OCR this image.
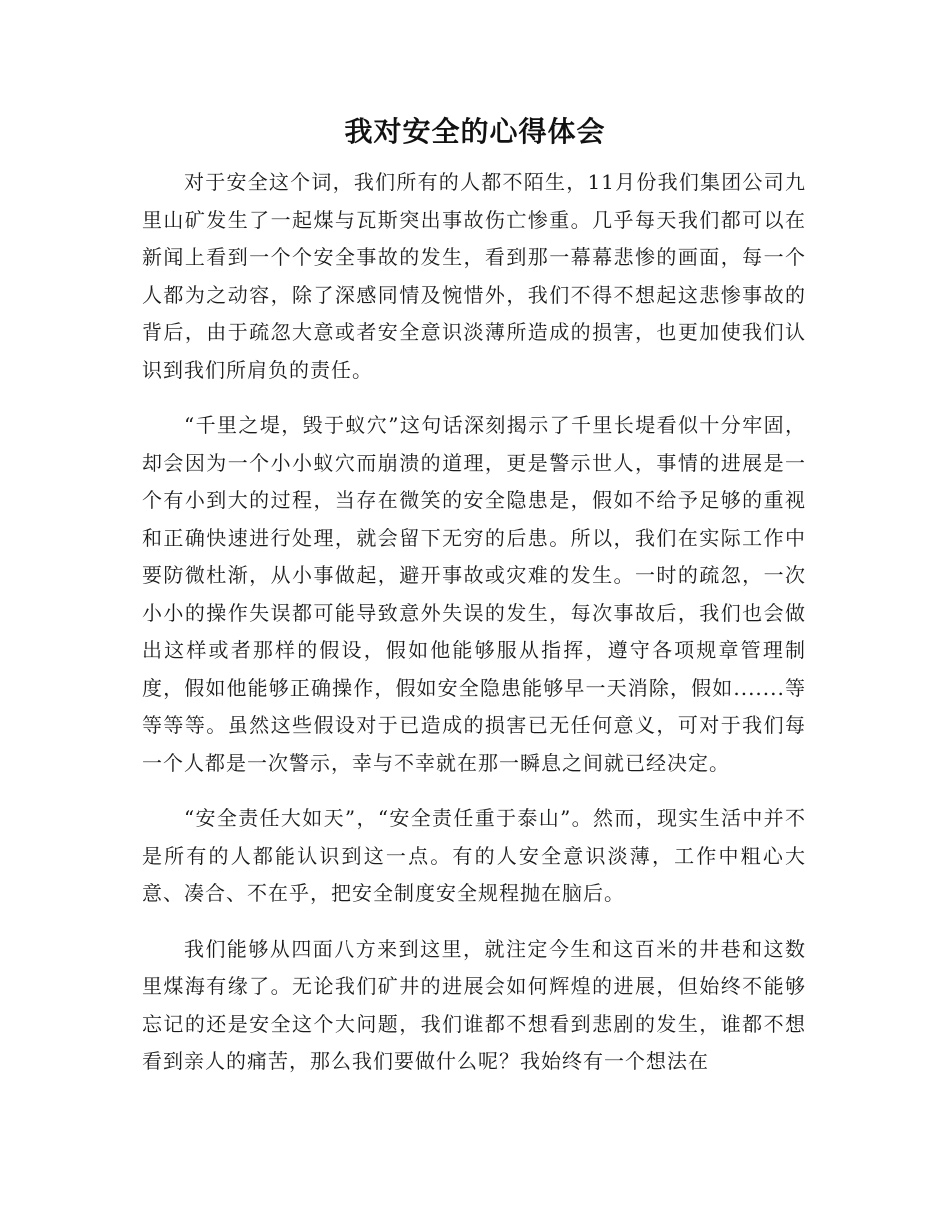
我对安全的心得体会

对于安全这个词，我们所有的人都不陌生，11月份我们集团公司九里山矿发生了一起煤与瓦斯突出事故伤亡惨重。几乎每天我们都可以在新闻上看到一个个安全事故的发生，看到那一幕幕悲惨的画面，每一个人都为之动容，除了深感同情及惋惜外，我们不得不想起这悲惨事故的背后，由于疏忽大意或者安全意识淡薄所造成的损害，也更加使我们认识到我们所肩负的责任。

“千里之堤，毁于蚁穴”这句话深刻揭示了千里长堤看似十分牢固，却会因为一个小小蚁穴而崩溃的道理，更是警示世人，事情的进展是一个有小到大的过程，当存在微笑的安全隐患是，假如不给予足够的重视和正确快速进行处理，就会留下无穷的后患。所以，我们在实际工作中要防微杜渐，从小事做起，避开事故或灾难的发生。一时的疏忽，一次小小的操作失误都可能导致意外失误的发生，每次事故后，我们也会做出这样或者那样的假设，假如他能够服从指挥，遵守各项规章管理制度，假如他能够正确操作，假如安全隐患能够早一天消除，假如.......等等等等。虽然这些假设对于已造成的损害已无任何意义，可对于我们每一个人都是一次警示，幸与不幸就在那一瞬息之间就已经决定。

“安全责任大如天”，“安全责任重于泰山”。然而，现实生活中并不是所有的人都能认识到这一点。有的人安全意识淡薄，工作中粗心大意、凑合、不在乎，把安全制度安全规程抛在脑后。

我们能够从四面八方来到这里，就注定今生和这百米的井巷和这数里煤海有缘了。无论我们矿井的进展会如何辉煌的进展，但始终不能够忘记的还是安全这个大问题，我们谁都不想看到悲剧的发生，谁都不想看到亲人的痛苦，那么我们要做什么呢？我始终有一个想法在
